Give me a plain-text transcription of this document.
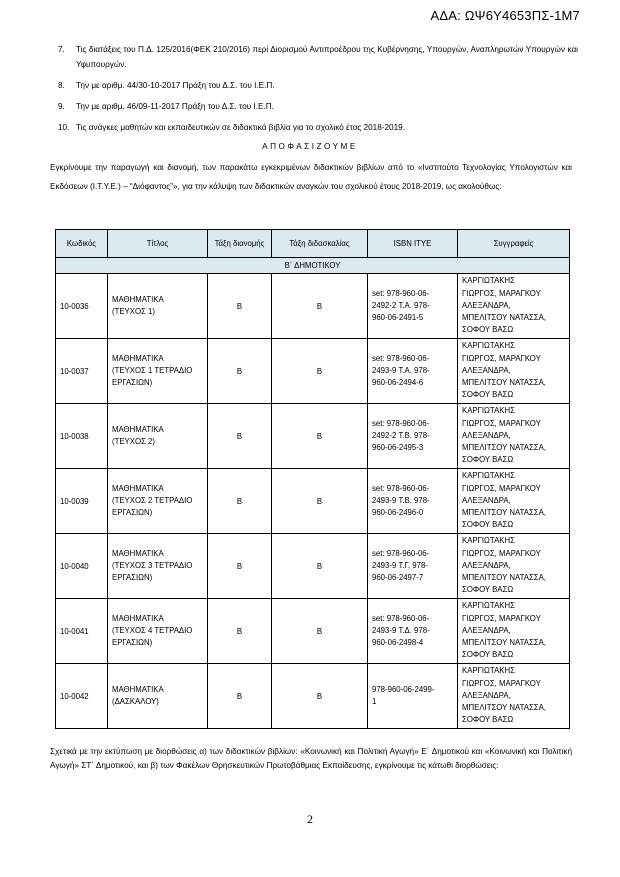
ΑΔΑ: ΩΨ6Υ4653ΠΣ-1Μ7
7.	Τις διατάξεις του Π.Δ. 125/2016(ΦΕΚ 210/2016) περί Διορισμού Αντιπροέδρου της Κυβέρνησης, Υπουργών, Αναπληρωτών Υπουργών και Υφυπουργών.
8.	Την με αριθμ. 44/30-10-2017 Πράξη του Δ.Σ. του Ι.Ε.Π.
9.	Την με αριθμ. 46/09-11-2017 Πράξη του Δ.Σ. του Ι.Ε.Π.
10. Τις ανάγκες μαθητών και εκπαιδευτικών σε διδακτικά βιβλία για το σχολικό έτος 2018-2019.
ΑΠΟΦΑΣΙΖΟΥΜΕ
Εγκρίνουμε την παραγωγή και διανομή, των παρακάτω εγκεκριμένων διδακτικών βιβλίων από το «Ινστιτούτο Τεχνολογίας Υπολογιστών και Εκδόσεων (Ι.Τ.Υ.Ε.) – “Διόφαντος”», για την κάλυψη των διδακτικών αναγκών του σχολικού έτους 2018-2019, ως ακολούθως:
Κωδικός	Τίτλος	Τάξη διανομής	Τάξη διδασκαλίας	ISBN ITYE	Συγγραφείς
Β΄ ΔΗΜΟΤΙΚΟΥ					
10-0036	ΜΑΘΗΜΑΤΙΚΑ
(ΤΕΥΧΟΣ 1)	Β	Β	set: 978-960-06-
2492-2 Τ.Α. 978-
960-06-2491-5	ΚΑΡΓΙΩΤΑΚΗΣ
ΓΙΩΡΓΟΣ, ΜΑΡΑΓΚΟΥ
ΑΛΕΞΑΝΔΡΑ,
ΜΠΕΛΙΤΣΟΥ ΝΑΤΑΣΣΑ,
ΣΟΦΟΥ ΒΑΣΩ
10-0037	ΜΑΘΗΜΑΤΙΚΑ
(ΤΕΥΧΟΣ 1 ΤΕΤΡΑΔΙΟ
ΕΡΓΑΣΙΩΝ)	Β	Β	set: 978-960-06-
2493-9 Τ.Α. 978-
960-06-2494-6	ΚΑΡΓΙΩΤΑΚΗΣ
ΓΙΩΡΓΟΣ, ΜΑΡΑΓΚΟΥ
ΑΛΕΞΑΝΔΡΑ,
ΜΠΕΛΙΤΣΟΥ ΝΑΤΑΣΣΑ,
ΣΟΦΟΥ ΒΑΣΩ
10-0038	ΜΑΘΗΜΑΤΙΚΑ
(ΤΕΥΧΟΣ 2)	Β	Β	set: 978-960-06-
2492-2 Τ.Β. 978-
960-06-2495-3	ΚΑΡΓΙΩΤΑΚΗΣ
ΓΙΩΡΓΟΣ, ΜΑΡΑΓΚΟΥ
ΑΛΕΞΑΝΔΡΑ,
ΜΠΕΛΙΤΣΟΥ ΝΑΤΑΣΣΑ,
ΣΟΦΟΥ ΒΑΣΩ
10-0039	ΜΑΘΗΜΑΤΙΚΑ
(ΤΕΥΧΟΣ 2 ΤΕΤΡΑΔΙΟ
ΕΡΓΑΣΙΩΝ)	Β	Β	set: 978-960-06-
2493-9 Τ.Β. 978-
960-06-2496-0	ΚΑΡΓΙΩΤΑΚΗΣ
ΓΙΩΡΓΟΣ, ΜΑΡΑΓΚΟΥ
ΑΛΕΞΑΝΔΡΑ,
ΜΠΕΛΙΤΣΟΥ ΝΑΤΑΣΣΑ,
ΣΟΦΟΥ ΒΑΣΩ
10-0040	ΜΑΘΗΜΑΤΙΚΑ
(ΤΕΥΧΟΣ 3 ΤΕΤΡΑΔΙΟ
ΕΡΓΑΣΙΩΝ)	Β	Β	set: 978-960-06-
2493-9 Τ.Γ. 978-
960-06-2497-7	ΚΑΡΓΙΩΤΑΚΗΣ
ΓΙΩΡΓΟΣ, ΜΑΡΑΓΚΟΥ
ΑΛΕΞΑΝΔΡΑ,
ΜΠΕΛΙΤΣΟΥ ΝΑΤΑΣΣΑ,
ΣΟΦΟΥ ΒΑΣΩ
10-0041	ΜΑΘΗΜΑΤΙΚΑ
(ΤΕΥΧΟΣ 4 ΤΕΤΡΑΔΙΟ
ΕΡΓΑΣΙΩΝ)	Β	Β	set: 978-960-06-
2493-9 Τ.Δ. 978-
960-06-2498-4	ΚΑΡΓΙΩΤΑΚΗΣ
ΓΙΩΡΓΟΣ, ΜΑΡΑΓΚΟΥ
ΑΛΕΞΑΝΔΡΑ,
ΜΠΕΛΙΤΣΟΥ ΝΑΤΑΣΣΑ,
ΣΟΦΟΥ ΒΑΣΩ
10-0042	ΜΑΘΗΜΑΤΙΚΑ
(ΔΑΣΚΑΛΟΥ)	Β	Β	978-960-06-2499-
1	ΚΑΡΓΙΩΤΑΚΗΣ
ΓΙΩΡΓΟΣ, ΜΑΡΑΓΚΟΥ
ΑΛΕΞΑΝΔΡΑ,
ΜΠΕΛΙΤΣΟΥ ΝΑΤΑΣΣΑ,
ΣΟΦΟΥ ΒΑΣΩ
Σχετικά με την εκτύπωση με διορθώσεις α) των διδακτικών βιβλίων: «Κοινωνική και Πολιτική Αγωγή» Ε΄ Δημοτικού και «Κοινωνική και Πολιτική Αγωγή» ΣΤ΄ Δημοτικού, και β) των Φακέλων Θρησκευτικών Πρωτοβάθμιας Εκπαίδευσης, εγκρίνουμε τις κάτωθι διορθώσεις:
2
